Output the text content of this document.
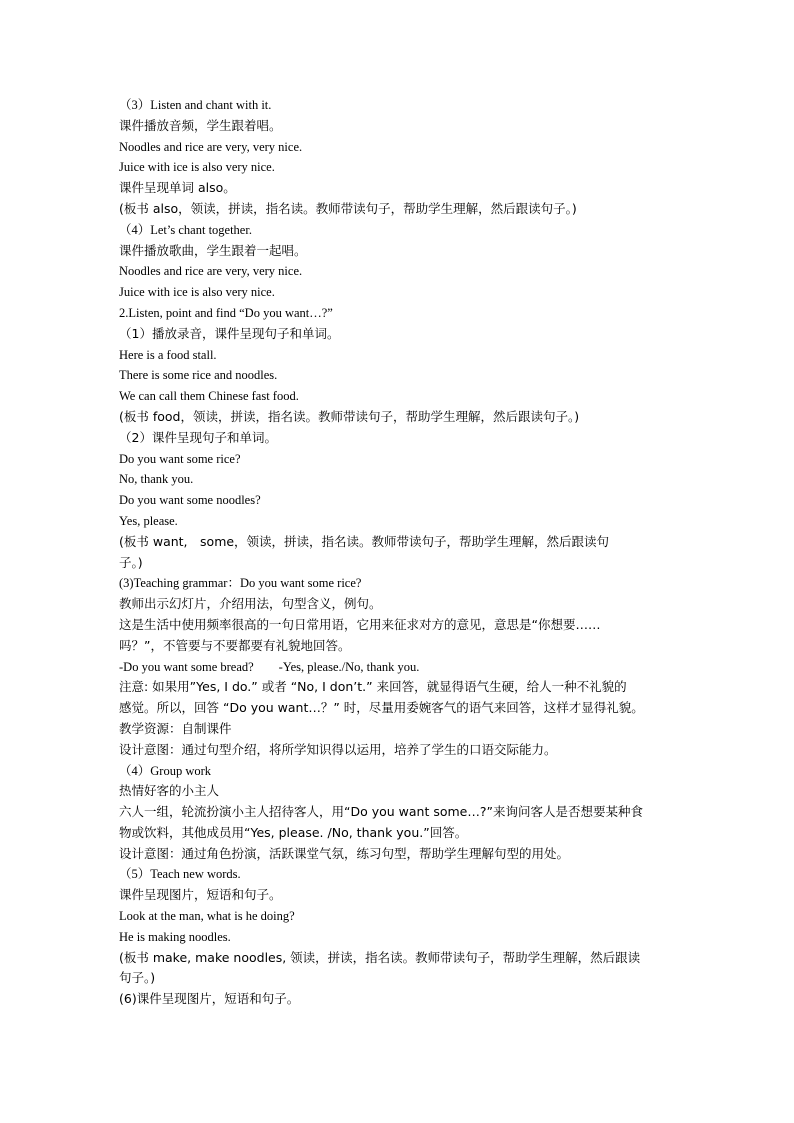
（3）Listen and chant with it.
课件播放音频，学生跟着唱。
Noodles and rice are very, very nice.
Juice with ice is also very nice.
课件呈现单词 also。
(板书 also，领读，拼读，指名读。教师带读句子，帮助学生理解，然后跟读句子。)
（4）Let’s chant together.
课件播放歌曲，学生跟着一起唱。
Noodles and rice are very, very nice.
Juice with ice is also very nice.
2.Listen, point and find “Do you want…?”
（1）播放录音，课件呈现句子和单词。
Here is a food stall.
There is some rice and noodles.
We can call them Chinese fast food.
(板书 food，领读，拼读，指名读。教师带读句子，帮助学生理解，然后跟读句子。)
（2）课件呈现句子和单词。
Do you want some rice?
No, thank you.
Do you want some noodles?
Yes, please.
(板书 want,　some，领读，拼读，指名读。教师带读句子，帮助学生理解，然后跟读句
子。)
(3)Teaching grammar：Do you want some rice?
教师出示幻灯片，介绍用法，句型含义，例句。
这是生活中使用频率很高的一句日常用语，它用来征求对方的意见，意思是“你想要……
吗？”，不管要与不要都要有礼貌地回答。
-Do you want some bread?　　-Yes, please./No, thank you.
注意: 如果用”Yes, I do.” 或者 “No, I don’t.” 来回答，就显得语气生硬，给人一种不礼貌的
感觉。所以，回答 “Do you want…？” 时，尽量用委婉客气的语气来回答，这样才显得礼貌。
教学资源：自制课件
设计意图：通过句型介绍，将所学知识得以运用，培养了学生的口语交际能力。
（4）Group work
热情好客的小主人
六人一组，轮流扮演小主人招待客人，用“Do you want some…?”来询问客人是否想要某种食
物或饮料，其他成员用“Yes, please. /No, thank you.”回答。
设计意图：通过角色扮演，活跃课堂气氛，练习句型，帮助学生理解句型的用处。
（5）Teach new words.
课件呈现图片，短语和句子。
Look at the man, what is he doing?
He is making noodles.
(板书 make, make noodles, 领读，拼读，指名读。教师带读句子，帮助学生理解，然后跟读
句子。)
(6)课件呈现图片，短语和句子。
